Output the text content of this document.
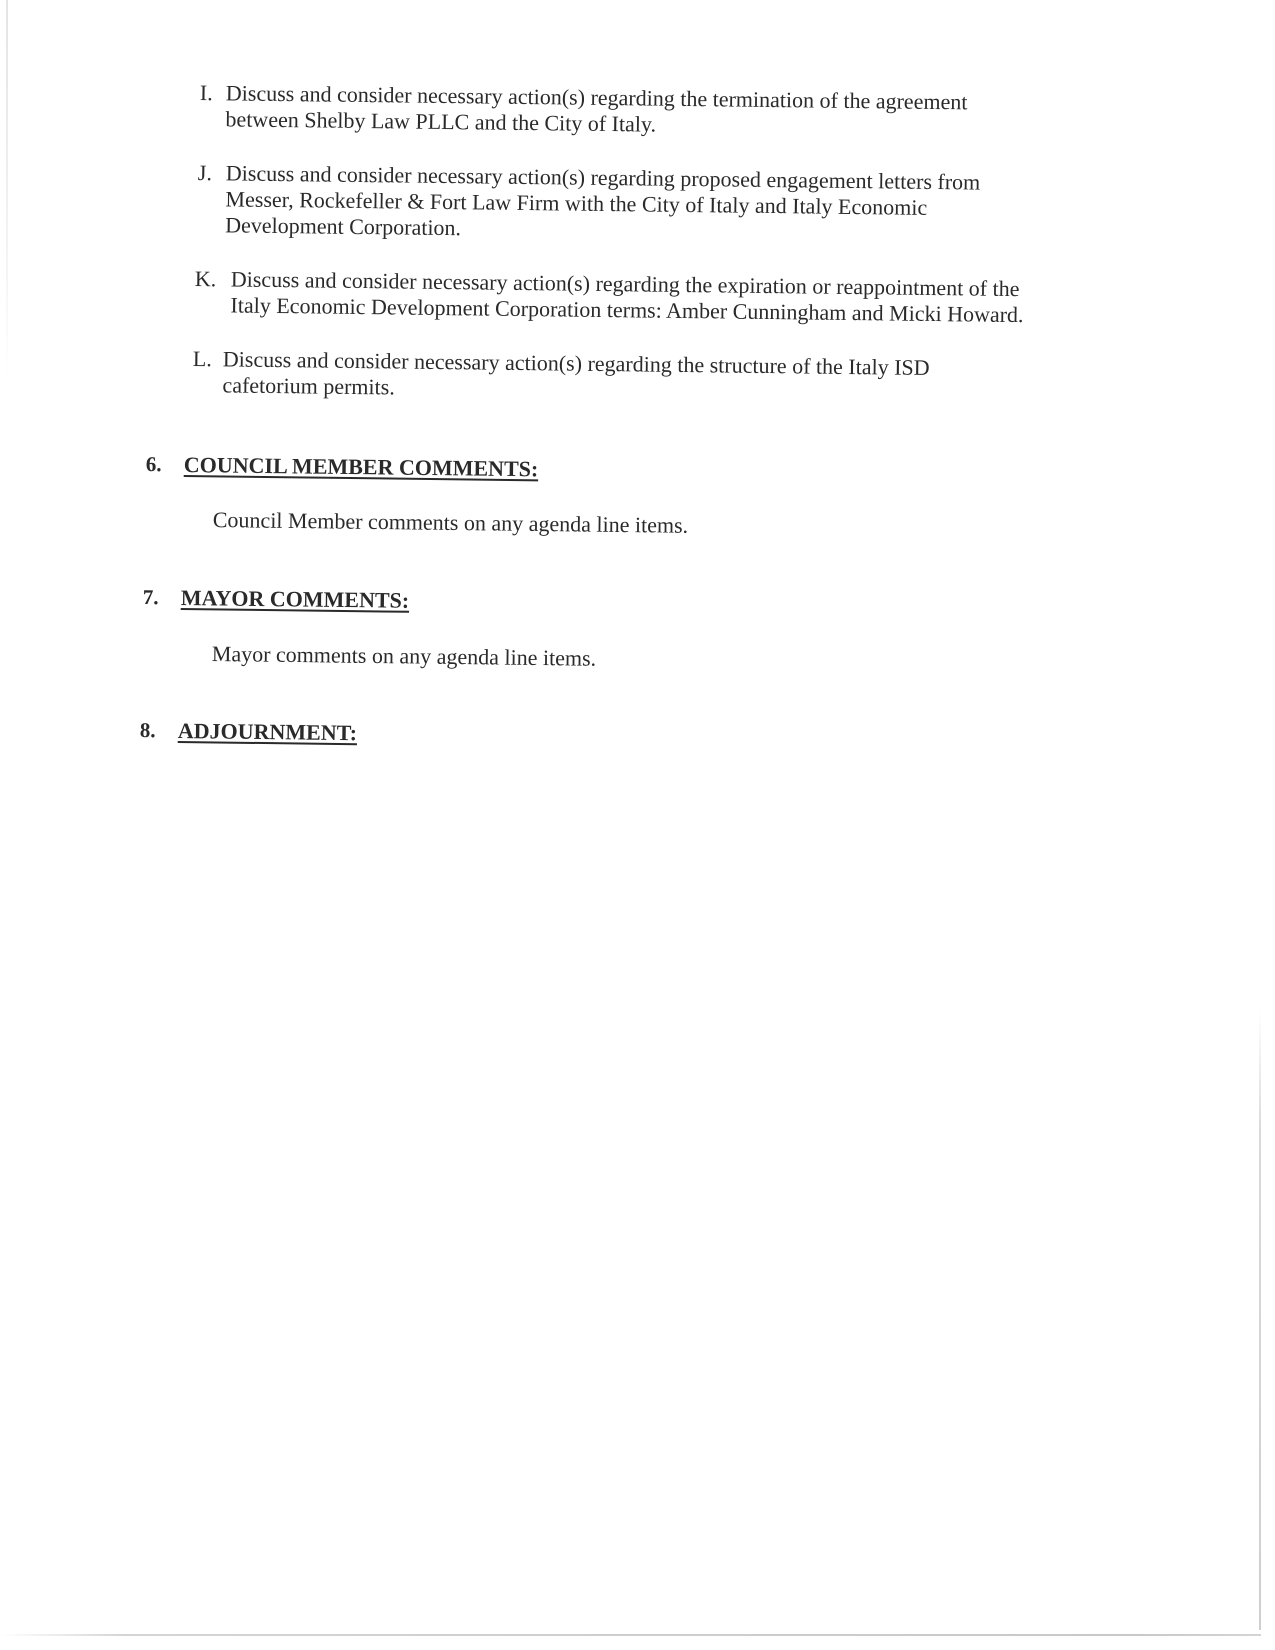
I. Discuss and consider necessary action(s) regarding the termination of the agreement between Shelby Law PLLC and the City of Italy.
J. Discuss and consider necessary action(s) regarding proposed engagement letters from Messer, Rockefeller & Fort Law Firm with the City of Italy and Italy Economic Development Corporation.
K. Discuss and consider necessary action(s) regarding the expiration or reappointment of the Italy Economic Development Corporation terms: Amber Cunningham and Micki Howard.
L. Discuss and consider necessary action(s) regarding the structure of the Italy ISD cafetorium permits.
6. COUNCIL MEMBER COMMENTS:
Council Member comments on any agenda line items.
7. MAYOR COMMENTS:
Mayor comments on any agenda line items.
8. ADJOURNMENT:
